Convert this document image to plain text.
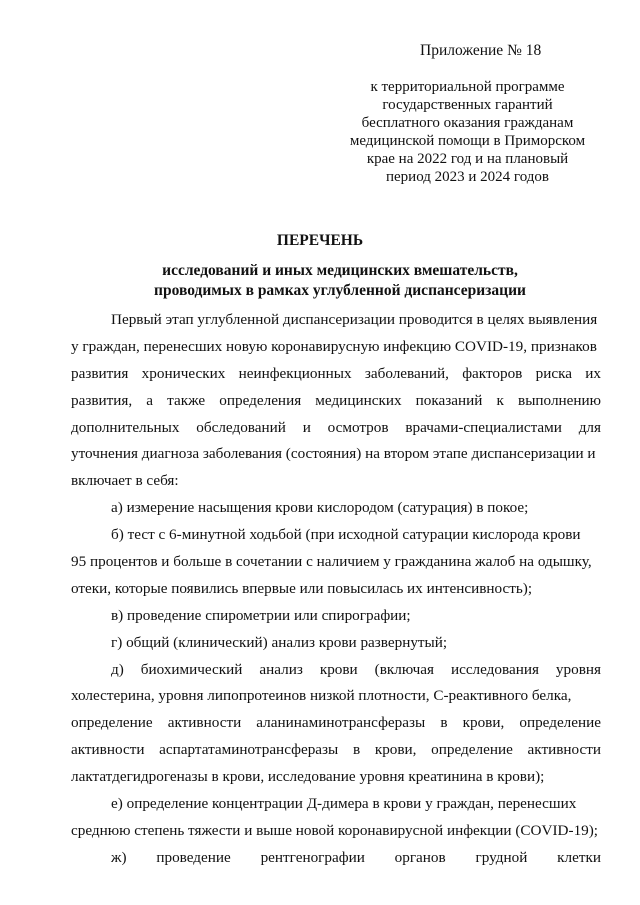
Приложение № 18
к территориальной программе
государственных гарантий
бесплатного оказания гражданам
медицинской помощи в Приморском
крае на 2022 год и на плановый
период 2023 и 2024 годов
ПЕРЕЧЕНЬ
исследований и иных медицинских вмешательств,
проводимых в рамках углубленной диспансеризации
Первый этап углубленной диспансеризации проводится в целях выявления
у граждан, перенесших новую коронавирусную инфекцию COVID-19, признаков
развития хронических неинфекционных заболеваний, факторов риска их
развития, а также определения медицинских показаний к выполнению
дополнительных обследований и осмотров врачами-специалистами для
уточнения диагноза заболевания (состояния) на втором этапе диспансеризации и
включает в себя:
а) измерение насыщения крови кислородом (сатурация) в покое;
б) тест с 6-минутной ходьбой (при исходной сатурации кислорода крови
95 процентов и больше в сочетании с наличием у гражданина жалоб на одышку,
отеки, которые появились впервые или повысилась их интенсивность);
в) проведение спирометрии или спирографии;
г) общий (клинический) анализ крови развернутый;
д) биохимический анализ крови (включая исследования уровня
холестерина, уровня липопротеинов низкой плотности, С-реактивного белка,
определение активности аланинаминотрансферазы в крови, определение
активности аспартатаминотрансферазы в крови, определение активности
лактатдегидрогеназы в крови, исследование уровня креатинина в крови);
е) определение концентрации Д-димера в крови у граждан, перенесших
среднюю степень тяжести и выше новой коронавирусной инфекции (COVID-19);
ж) проведение рентгенографии органов грудной клетки
